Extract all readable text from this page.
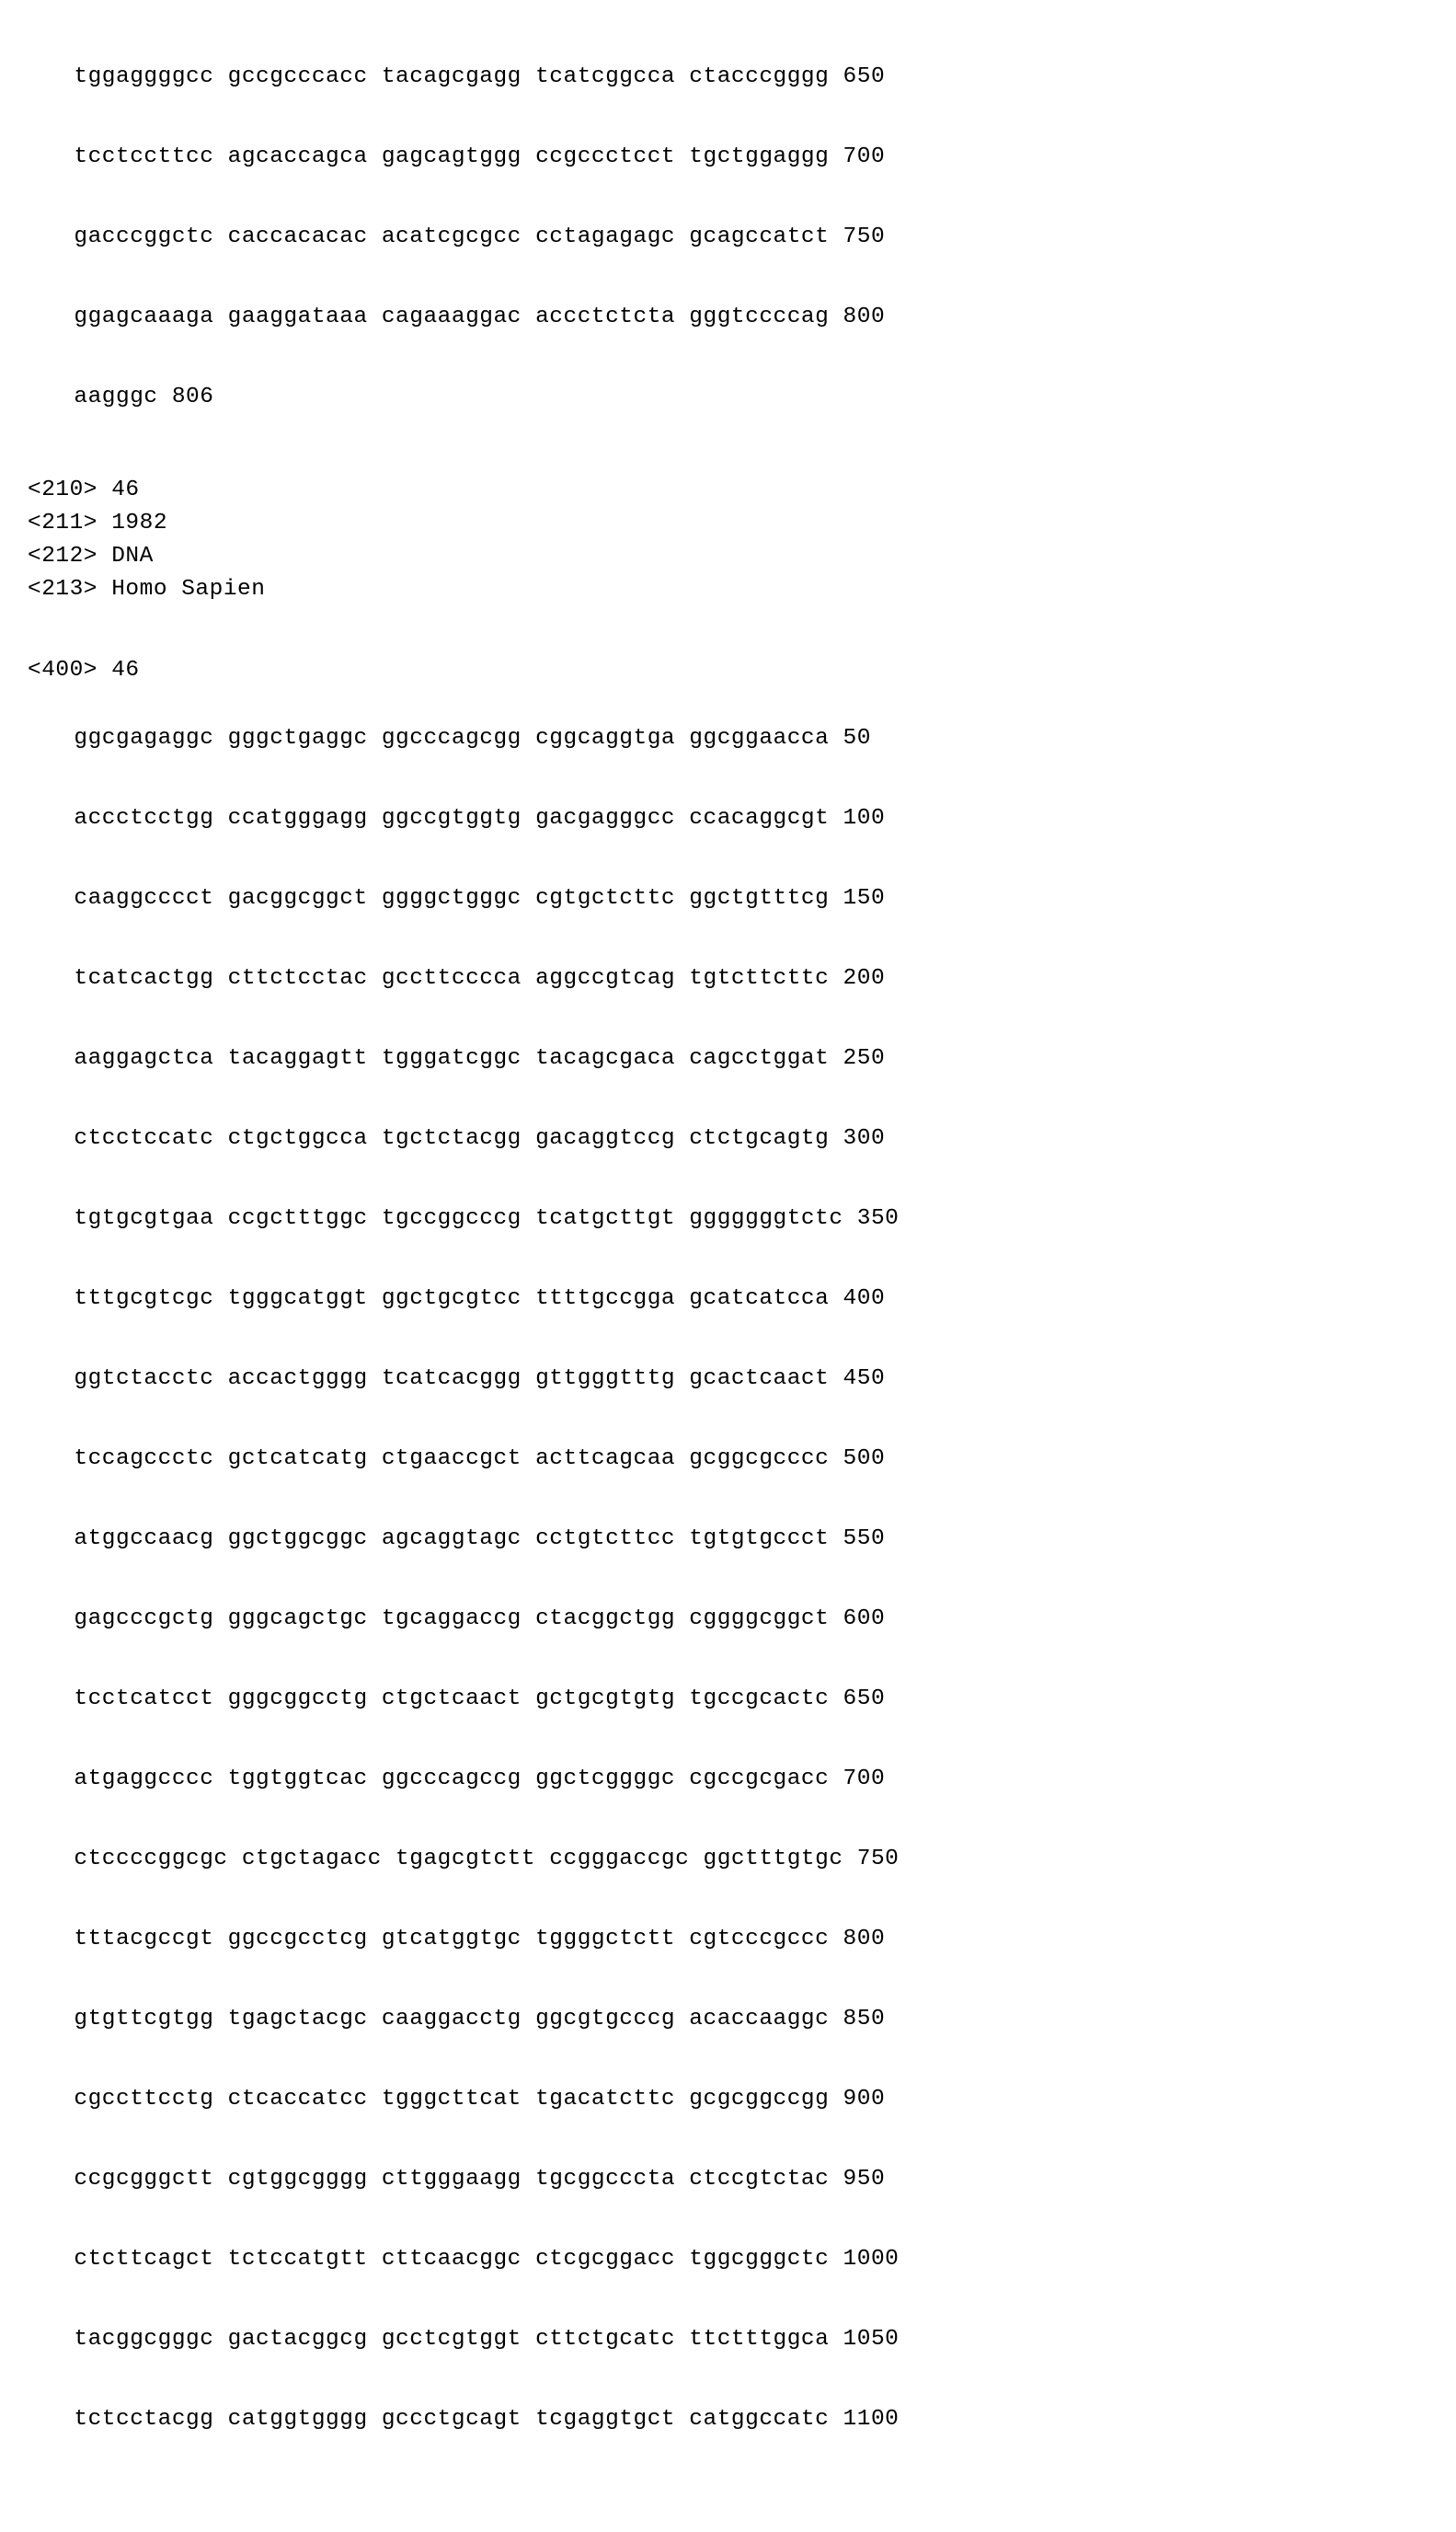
tggaggggcc gccgcccacc tacagcgagg tcatcggcca ctacccgggg 650
tcctccttcc agcaccagca gagcagtggg ccgccctcct tgctggaggg 700
gacccggctc caccacacac acatcgcgcc cctagagagc gcagccatct 750
ggagcaaaga gaaggataaa cagaaaggac accctctcta gggtccccag 800
aagggc 806
<210> 46
<211> 1982
<212> DNA
<213> Homo Sapien
<400> 46
ggcgagaggc gggctgaggc ggcccagcgg cggcaggtga ggcggaacca 50
accctcctgg ccatgggagg ggccgtggtg gacgagggcc ccacaggcgt 100
caaggcccct gacggcggct ggggctgggc cgtgctcttc ggctgtttcg 150
tcatcactgg cttctcctac gccttcccca aggccgtcag tgtcttcttc 200
aaggagctca tacaggagtt tgggatcggc tacagcgaca cagcctggat 250
ctcctccatc ctgctggcca tgctctacgg gacaggtccg ctctgcagtg 300
tgtgcgtgaa ccgctttggc tgccggcccg tcatgcttgt gggggggtctc 350
tttgcgtcgc tgggcatggt ggctgcgtcc ttttgccgga gcatcatcca 400
ggtctacctc accactgggg tcatcacggg gttgggtttg gcactcaact 450
tccagccctc gctcatcatg ctgaaccgct acttcagcaa gcggcgcccc 500
atggccaacg ggctggcggc agcaggtagc cctgtcttcc tgtgtgccct 550
gagcccgctg gggcagctgc tgcaggaccg ctacggctgg cggggcggct 600
tcctcatcct gggcggcctg ctgctcaact gctgcgtgtg tgccgcactc 650
atgaggcccc tggtggtcac ggcccagccg ggctcggggc cgccgcgacc 700
ctccccggcgc ctgctagacc tgagcgtctt ccgggaccgc ggctttgtgc 750
tttacgccgt ggccgcctcg gtcatggtgc tggggctctt cgtcccgccc 800
gtgttcgtgg tgagctacgc caaggacctg ggcgtgcccg acaccaaggc 850
cgccttcctg ctcaccatcc tgggcttcat tgacatcttc gcgcggccgg 900
ccgcgggctt cgtggcgggg cttgggaagg tgcggcccta ctccgtctac 950
ctcttcagct tctccatgtt cttcaacggc ctcgcggacc tggcgggctc 1000
tacggcgggc gactacggcg gcctcgtggt cttctgcatc ttctttggca 1050
tctcctacgg catggtgggg gccctgcagt tcgaggtgct catggccatc 1100
